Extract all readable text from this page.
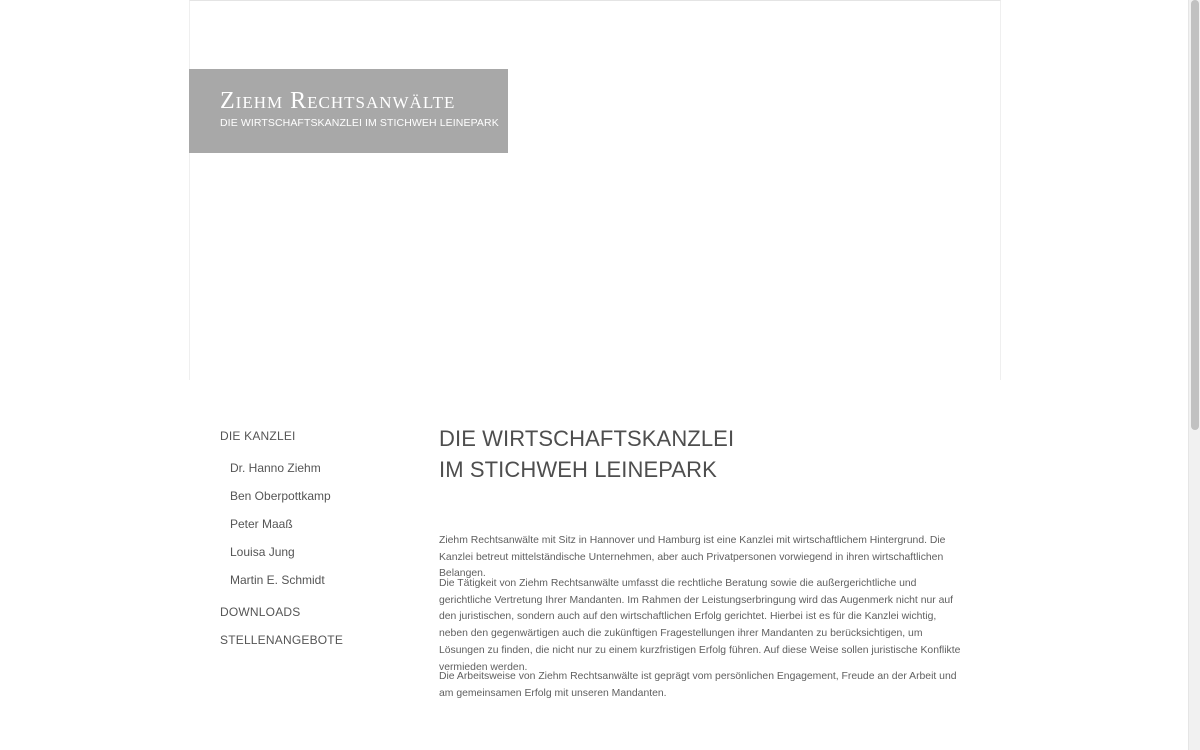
Ziehm Rechtsanwälte
DIE WIRTSCHAFTSKANZLEI IM STICHWEH LEINEPARK
DIE KANZLEI
Dr. Hanno Ziehm
Ben Oberpottkamp
Peter Maaß
Louisa Jung
Martin E. Schmidt
DOWNLOADS
STELLENANGEBOTE
DIE WIRTSCHAFTSKANZLEI
IM STICHWEH LEINEPARK

Ziehm Rechtsanwälte mit Sitz in Hannover und Hamburg ist eine Kanzlei mit wirtschaftlichem Hintergrund. Die Kanzlei betreut mittelständische Unternehmen, aber auch Privatpersonen vorwiegend in ihren wirtschaftlichen Belangen.

Die Tätigkeit von Ziehm Rechtsanwälte umfasst die rechtliche Beratung sowie die außergerichtliche und gerichtliche Vertretung Ihrer Mandanten. Im Rahmen der Leistungserbringung wird das Augenmerk nicht nur auf den juristischen, sondern auch auf den wirtschaftlichen Erfolg gerichtet. Hierbei ist es für die Kanzlei wichtig, neben den gegenwärtigen auch die zukünftigen Fragestellungen ihrer Mandanten zu berücksichtigen, um Lösungen zu finden, die nicht nur zu einem kurzfristigen Erfolg führen. Auf diese Weise sollen juristische Konflikte vermieden werden.

Die Arbeitsweise von Ziehm Rechtsanwälte ist geprägt vom persönlichen Engagement, Freude an der Arbeit und am gemeinsamen Erfolg mit unseren Mandanten.
